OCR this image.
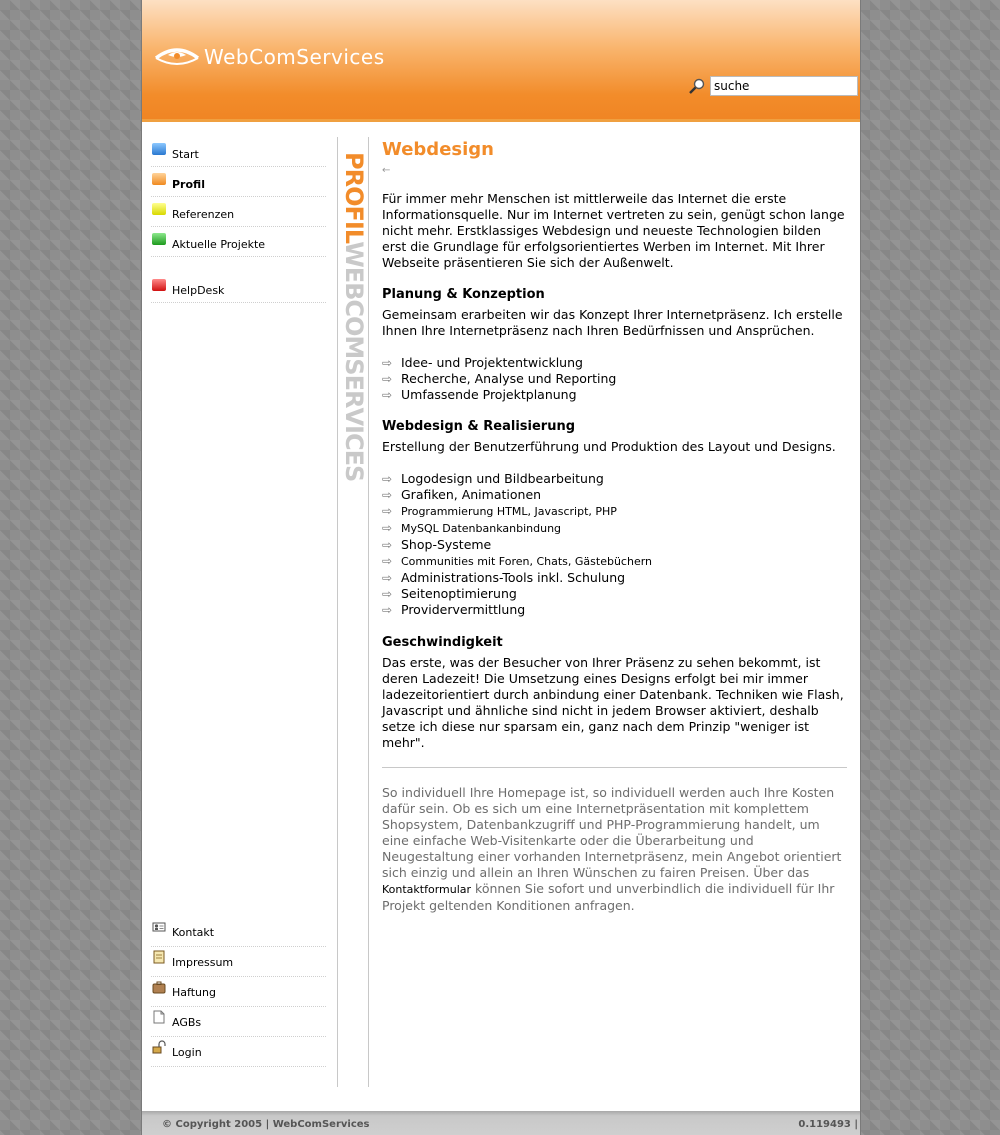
WebComServices
suche
Start
Profil
Referenzen
Aktuelle Projekte
HelpDesk
Kontakt
Impressum
Haftung
AGBs
Login
PROFILWEBCOMSERVICES
Webdesign
←

Für immer mehr Menschen ist mittlerweile das Internet die erste Informationsquelle. Nur im Internet vertreten zu sein, genügt schon lange nicht mehr. Erstklassiges Webdesign und neueste Technologien bilden erst die Grundlage für erfolgsorientiertes Werben im Internet. Mit Ihrer Webseite präsentieren Sie sich der Außenwelt.

Planung & Konzeption

Gemeinsam erarbeiten wir das Konzept Ihrer Internetpräsenz. Ich erstelle Ihnen Ihre Internetpräsenz nach Ihren Bedürfnissen und Ansprüchen.

⇨ Idee- und Projektentwicklung
⇨ Recherche, Analyse und Reporting
⇨ Umfassende Projektplanung
Webdesign & Realisierung

Erstellung der Benutzerführung und Produktion des Layout und Designs.

⇨ Logodesign und Bildbearbeitung
⇨ Grafiken, Animationen
⇨ Programmierung HTML, Javascript, PHP
⇨ MySQL Datenbankanbindung
⇨ Shop-Systeme
⇨ Communities mit Foren, Chats, Gästebüchern
⇨ Administrations-Tools inkl. Schulung
⇨ Seitenoptimierung
⇨ Providervermittlung
Geschwindigkeit

Das erste, was der Besucher von Ihrer Präsenz zu sehen bekommt, ist deren Ladezeit! Die Umsetzung eines Designs erfolgt bei mir immer ladezeitorientiert durch anbindung einer Datenbank. Techniken wie Flash, Javascript und ähnliche sind nicht in jedem Browser aktiviert, deshalb setze ich diese nur sparsam ein, ganz nach dem Prinzip "weniger ist mehr".

So individuell Ihre Homepage ist, so individuell werden auch Ihre Kosten dafür sein. Ob es sich um eine Internetpräsentation mit komplettem Shopsystem, Datenbankzugriff und PHP-Programmierung handelt, um eine einfache Web-Visitenkarte oder die Überarbeitung und Neugestaltung einer vorhanden Internetpräsenz, mein Angebot orientiert sich einzig und allein an Ihren Wünschen zu fairen Preisen. Über das Kontaktformular können Sie sofort und unverbindlich die individuell für Ihr Projekt geltenden Konditionen anfragen.

© Copyright 2005 | WebComServices	0.119493 |
